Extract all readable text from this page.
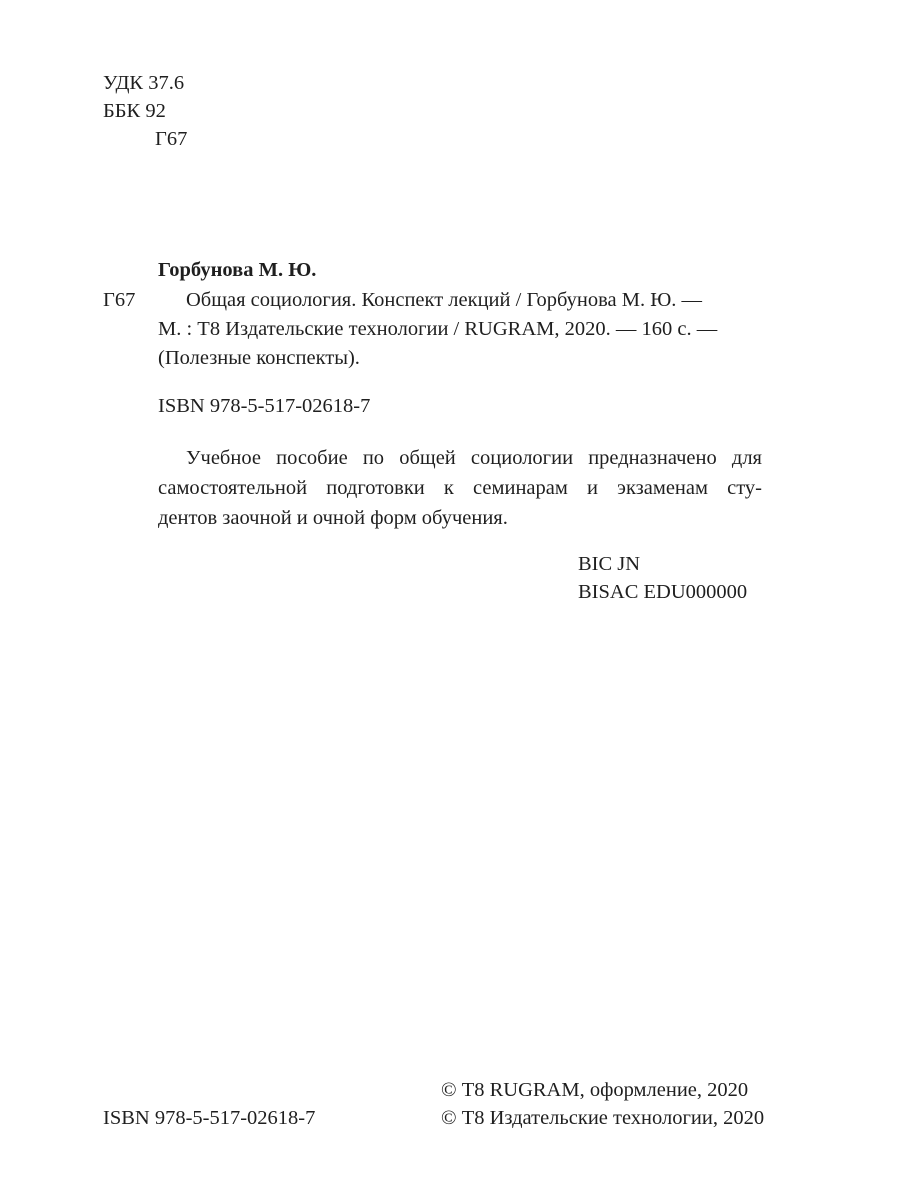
УДК 37.6
ББК 92
Г67
Горбунова М. Ю.
Г67	Общая социология. Конспект лекций / Горбунова М. Ю. —
М. : Т8 Издательские технологии / RUGRAM, 2020. — 160 с. —
(Полезные конспекты).
ISBN 978-5-517-02618-7
Учебное пособие по общей социологии предназначено для
самостоятельной подготовки к семинарам и экзаменам сту-
дентов заочной и очной форм обучения.
BIC JN
BISAC EDU000000
ISBN 978-5-517-02618-7
© Т8 RUGRAM, оформление, 2020
© Т8 Издательские технологии, 2020
